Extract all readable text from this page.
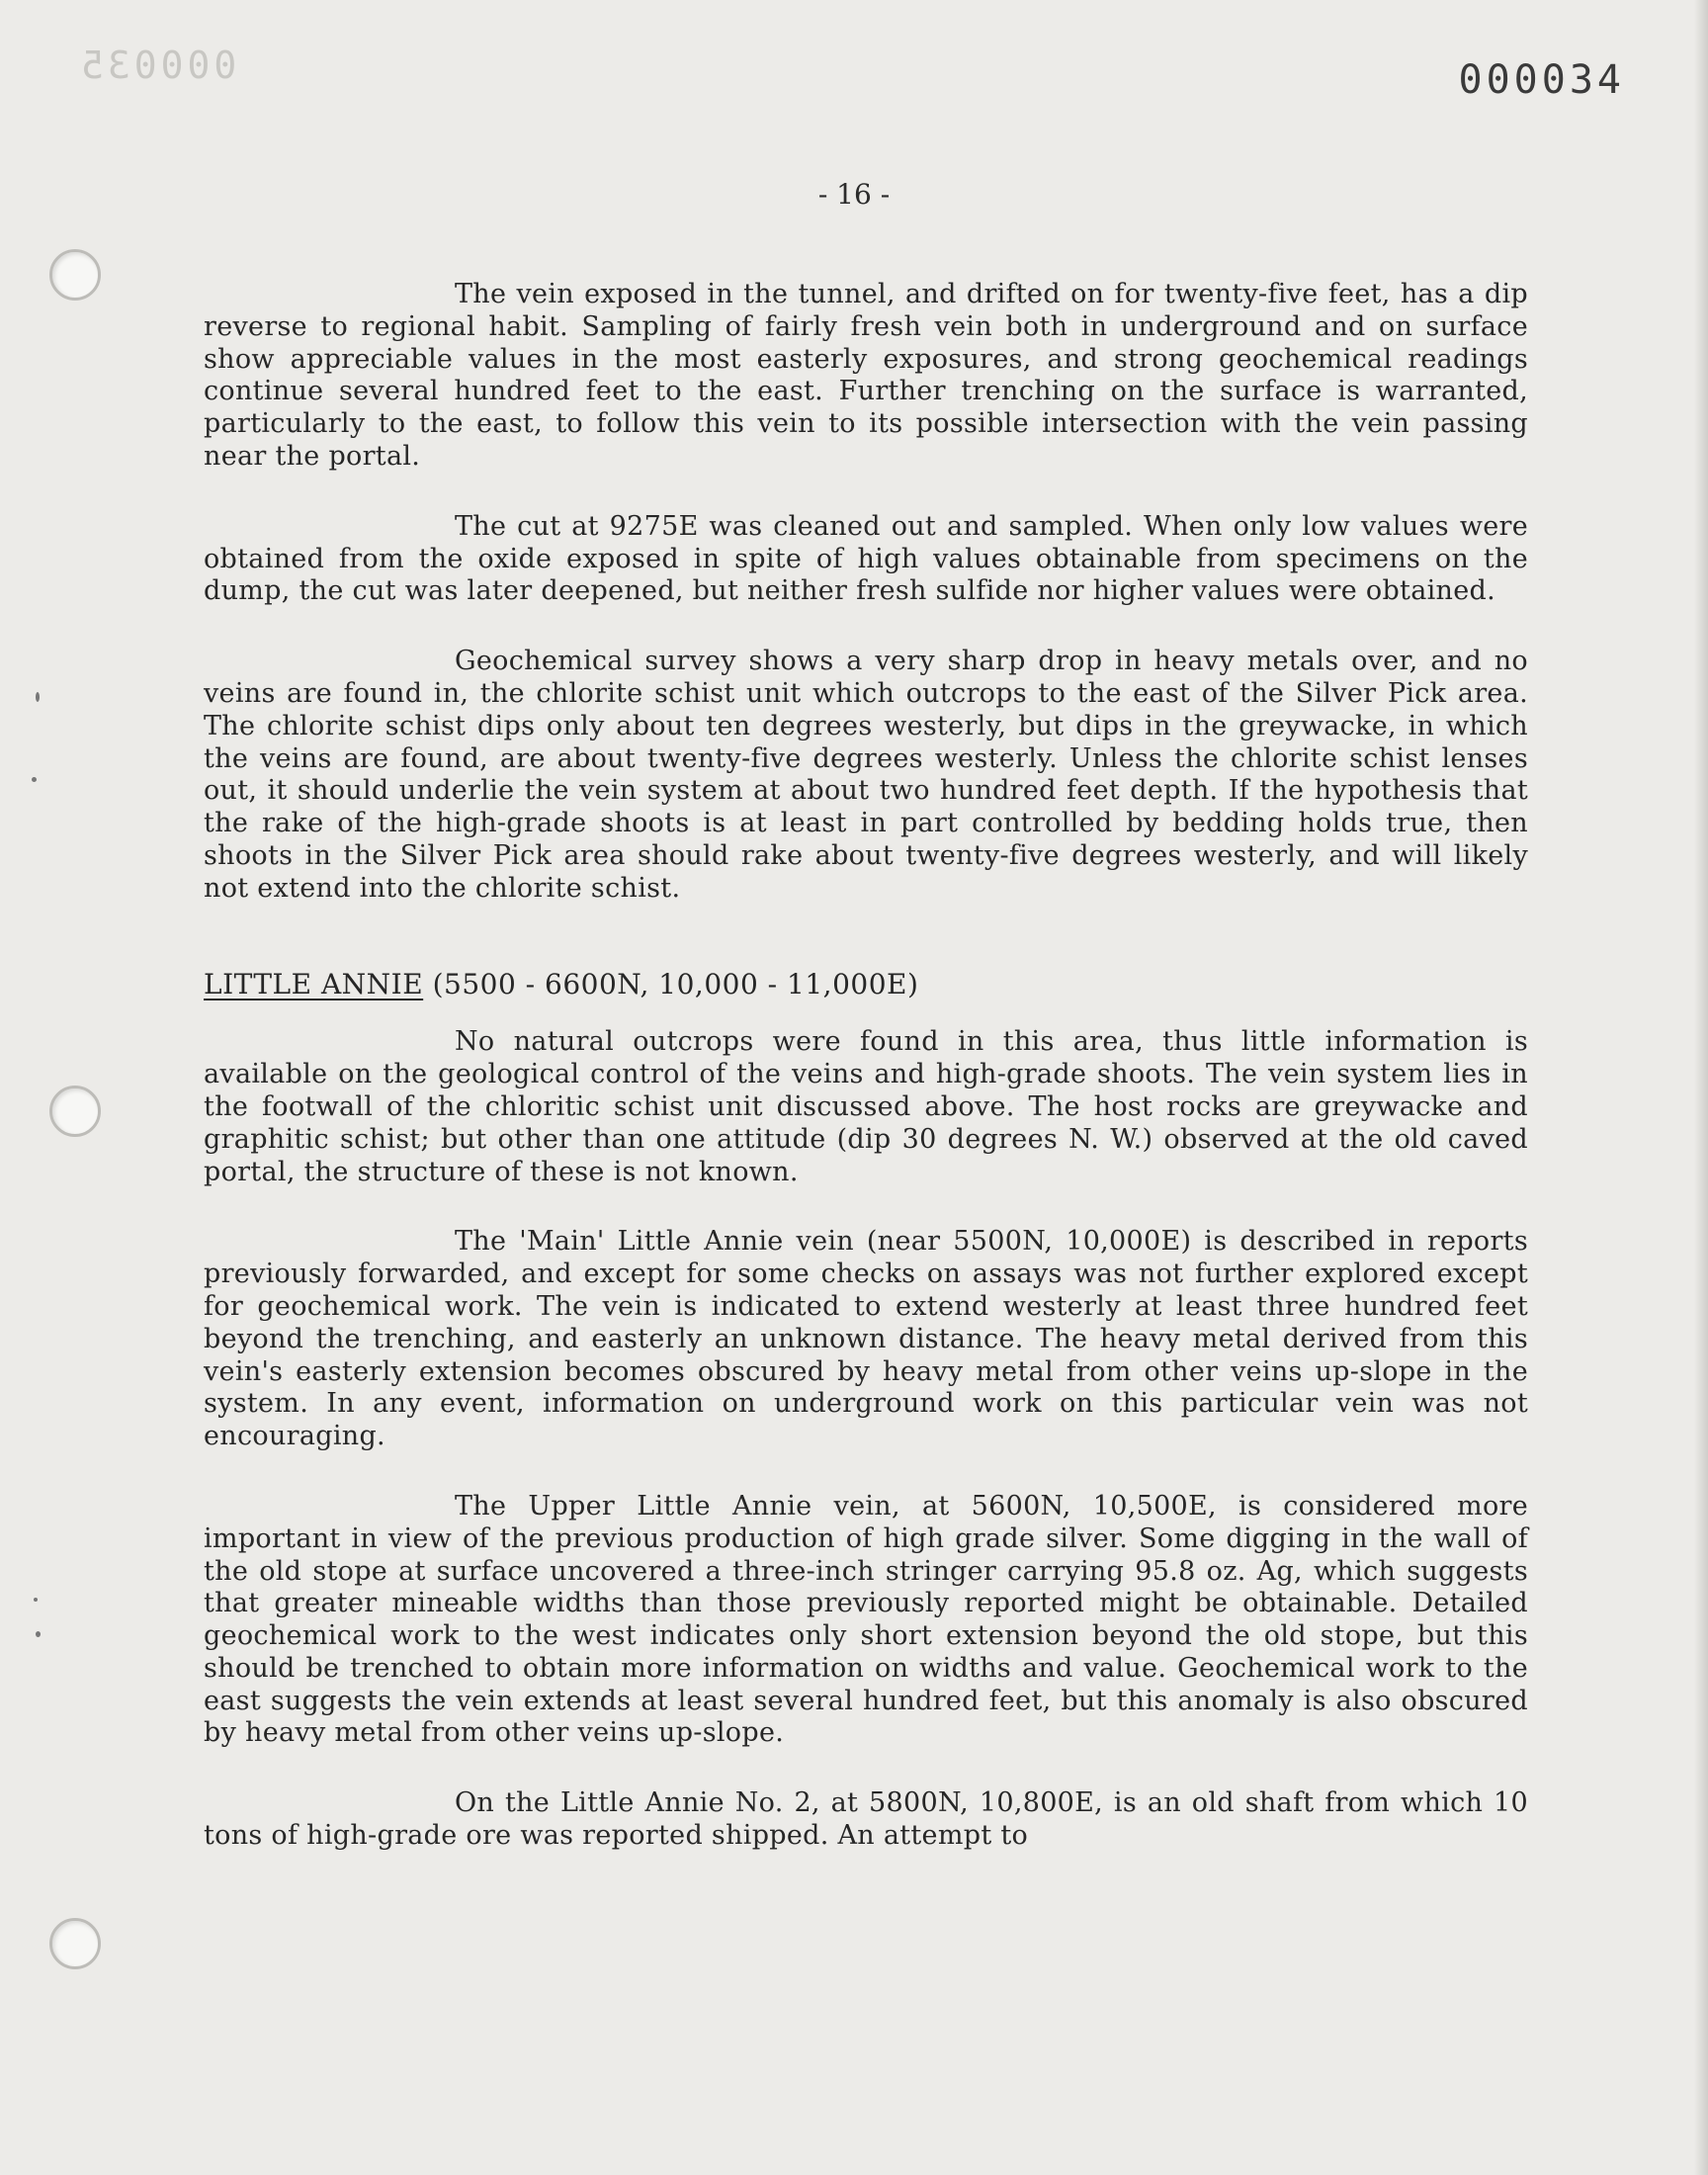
000035	000034
- 16 -

The vein exposed in the tunnel, and drifted on for twenty-five feet, has a dip reverse to regional habit. Sampling of fairly fresh vein both in underground and on surface show appreciable values in the most easterly exposures, and strong geochemical readings continue several hundred feet to the east. Further trenching on the surface is warranted, particularly to the east, to follow this vein to its possible intersection with the vein passing near the portal.

The cut at 9275E was cleaned out and sampled. When only low values were obtained from the oxide exposed in spite of high values obtainable from specimens on the dump, the cut was later deepened, but neither fresh sulfide nor higher values were obtained.

Geochemical survey shows a very sharp drop in heavy metals over, and no veins are found in, the chlorite schist unit which outcrops to the east of the Silver Pick area. The chlorite schist dips only about ten degrees westerly, but dips in the greywacke, in which the veins are found, are about twenty-five degrees westerly. Unless the chlorite schist lenses out, it should underlie the vein system at about two hundred feet depth. If the hypothesis that the rake of the high-grade shoots is at least in part controlled by bedding holds true, then shoots in the Silver Pick area should rake about twenty-five degrees westerly, and will likely not extend into the chlorite schist.

LITTLE ANNIE (5500 - 6600N, 10,000 - 11,000E)

No natural outcrops were found in this area, thus little information is available on the geological control of the veins and high-grade shoots. The vein system lies in the footwall of the chloritic schist unit discussed above. The host rocks are greywacke and graphitic schist; but other than one attitude (dip 30 degrees N. W.) observed at the old caved portal, the structure of these is not known.

The 'Main' Little Annie vein (near 5500N, 10,000E) is described in reports previously forwarded, and except for some checks on assays was not further explored except for geochemical work. The vein is indicated to extend westerly at least three hundred feet beyond the trenching, and easterly an unknown distance. The heavy metal derived from this vein's easterly extension becomes obscured by heavy metal from other veins up-slope in the system. In any event, information on underground work on this particular vein was not encouraging.

The Upper Little Annie vein, at 5600N, 10,500E, is considered more important in view of the previous production of high grade silver. Some digging in the wall of the old stope at surface uncovered a three-inch stringer carrying 95.8 oz. Ag, which suggests that greater mineable widths than those previously reported might be obtainable. Detailed geochemical work to the west indicates only short extension beyond the old stope, but this should be trenched to obtain more information on widths and value. Geochemical work to the east suggests the vein extends at least several hundred feet, but this anomaly is also obscured by heavy metal from other veins up-slope.

On the Little Annie No. 2, at 5800N, 10,800E, is an old shaft from which 10 tons of high-grade ore was reported shipped. An attempt to
